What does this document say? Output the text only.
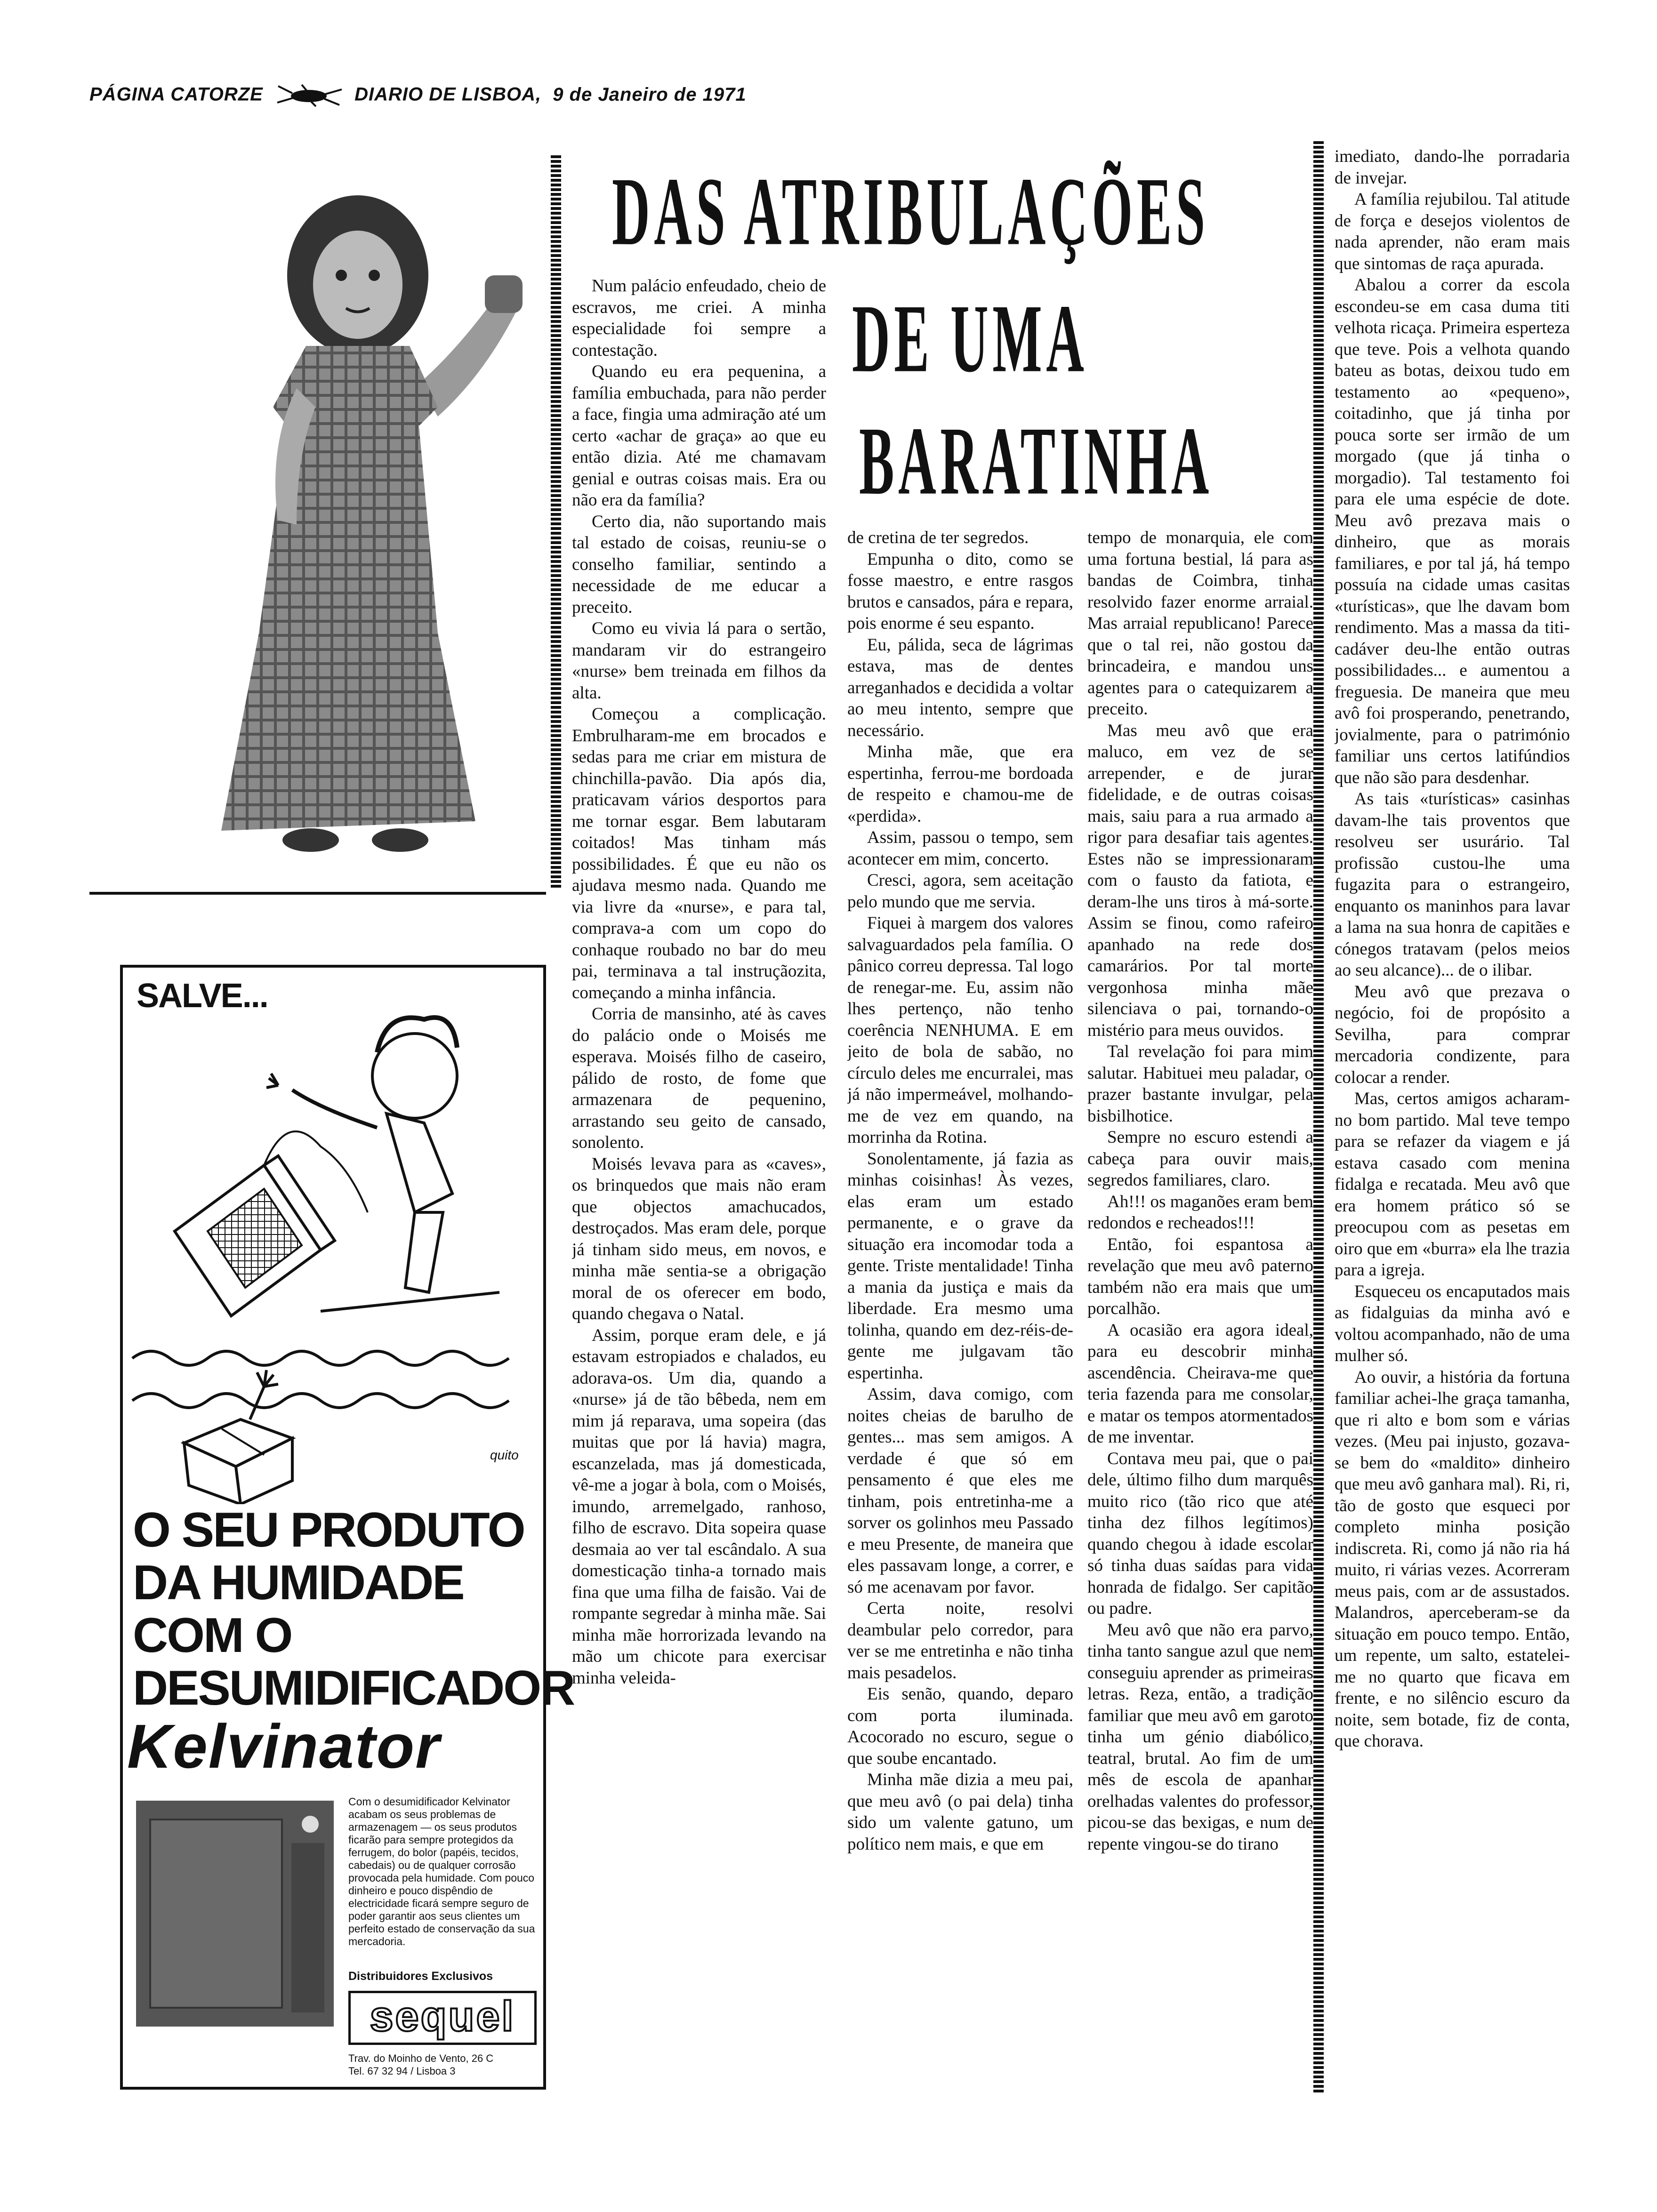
PÁGINA CATORZE	DIARIO DE LISBOA, 9 de Janeiro de 1971
DAS ATRIBULAÇÕES
DE UMA
BARATINHA

Num palácio enfeudado, cheio de escravos, me criei. A minha especialidade foi sempre a contestação.

Quando eu era pequenina, a família embuchada, para não perder a face, fingia uma admiração até um certo «achar de graça» ao que eu então dizia. Até me chamavam genial e outras coisas mais. Era ou não era da família?

Certo dia, não suportando mais tal estado de coisas, reuniu-se o conselho familiar, sentindo a necessidade de me educar a preceito.

Como eu vivia lá para o sertão, mandaram vir do estrangeiro «nurse» bem treinada em filhos da alta.

Começou a complicação. Embrulharam-me em brocados e sedas para me criar em mistura de chinchilla-pavão. Dia após dia, praticavam vários desportos para me tornar esgar. Bem labutaram coitados! Mas tinham más possibilidades. É que eu não os ajudava mesmo nada. Quando me via livre da «nurse», e para tal, comprava-a com um copo do conhaque roubado no bar do meu pai, terminava a tal instruçãozita, começando a minha infância.

Corria de mansinho, até às caves do palácio onde o Moisés me esperava. Moisés filho de caseiro, pálido de rosto, de fome que armazenara de pequenino, arrastando seu geito de cansado, sonolento.

Moisés levava para as «caves», os brinquedos que mais não eram que objectos amachucados, destroçados. Mas eram dele, porque já tinham sido meus, em novos, e minha mãe sentia-se a obrigação moral de os oferecer em bodo, quando chegava o Natal.

Assim, porque eram dele, e já estavam estropiados e chalados, eu adorava-os. Um dia, quando a «nurse» já de tão bêbeda, nem em mim já reparava, uma sopeira (das muitas que por lá havia) magra, escanzelada, mas já domesticada, vê-me a jogar à bola, com o Moisés, imundo, arremelgado, ranhoso, filho de escravo. Dita sopeira quase desmaia ao ver tal escândalo. A sua domesticação tinha-a tornado mais fina que uma filha de faisão. Vai de rompante segredar à minha mãe. Sai minha mãe horrorizada levando na mão um chicote para exercisar minha veleida-

de cretina de ter segredos.

Empunha o dito, como se fosse maestro, e entre rasgos brutos e cansados, pára e repara, pois enorme é seu espanto.

Eu, pálida, seca de lágrimas estava, mas de dentes arreganhados e decidida a voltar ao meu intento, sempre que necessário.

Minha mãe, que era espertinha, ferrou-me bordoada de respeito e chamou-me de «perdida».

Assim, passou o tempo, sem acontecer em mim, concerto.

Cresci, agora, sem aceitação pelo mundo que me servia.

Fiquei à margem dos valores salvaguardados pela família. O pânico correu depressa. Tal logo de renegar-me. Eu, assim não lhes pertenço, não tenho coerência NENHUMA. E em jeito de bola de sabão, no círculo deles me encurralei, mas já não impermeável, molhando-me de vez em quando, na morrinha da Rotina.

Sonolentamente, já fazia as minhas coisinhas! Às vezes, elas eram um estado permanente, e o grave da situação era incomodar toda a gente. Triste mentalidade! Tinha a mania da justiça e mais da liberdade. Era mesmo uma tolinha, quando em dez-réis-de-gente me julgavam tão espertinha.

Assim, dava comigo, com noites cheias de barulho de gentes... mas sem amigos. A verdade é que só em pensamento é que eles me tinham, pois entretinha-me a sorver os golinhos meu Passado e meu Presente, de maneira que eles passavam longe, a correr, e só me acenavam por favor.

Certa noite, resolvi deambular pelo corredor, para ver se me entretinha e não tinha mais pesadelos.

Eis senão, quando, deparo com porta iluminada. Acocorado no escuro, segue o que soube encantado.

Minha mãe dizia a meu pai, que meu avô (o pai dela) tinha sido um valente gatuno, um político nem mais, e que em

tempo de monarquia, ele com uma fortuna bestial, lá para as bandas de Coimbra, tinha resolvido fazer enorme arraial. Mas arraial republicano! Parece que o tal rei, não gostou da brincadeira, e mandou uns agentes para o catequizarem a preceito.

Mas meu avô que era maluco, em vez de se arrepender, e de jurar fidelidade, e de outras coisas mais, saiu para a rua armado a rigor para desafiar tais agentes. Estes não se impressionaram com o fausto da fatiota, e deram-lhe uns tiros à má-sorte. Assim se finou, como rafeiro apanhado na rede dos camarários. Por tal morte vergonhosa minha mãe silenciava o pai, tornando-o mistério para meus ouvidos.

Tal revelação foi para mim salutar. Habituei meu paladar, o prazer bastante invulgar, pela bisbilhotice.

Sempre no escuro estendi a cabeça para ouvir mais, segredos familiares, claro.

Ah!!! os maganões eram bem redondos e recheados!!!

Então, foi espantosa a revelação que meu avô paterno também não era mais que um porcalhão.

A ocasião era agora ideal, para eu descobrir minha ascendência. Cheirava-me que teria fazenda para me consolar, e matar os tempos atormentados de me inventar.

Contava meu pai, que o pai dele, último filho dum marquês muito rico (tão rico que até tinha dez filhos legítimos) quando chegou à idade escolar só tinha duas saídas para vida honrada de fidalgo. Ser capitão ou padre.

Meu avô que não era parvo, tinha tanto sangue azul que nem conseguiu aprender as primeiras letras. Reza, então, a tradição familiar que meu avô em garoto tinha um génio diabólico, teatral, brutal. Ao fim de um mês de escola de apanhar orelhadas valentes do professor, picou-se das bexigas, e num de repente vingou-se do tirano

imediato, dando-lhe porradaria de invejar.

A família rejubilou. Tal atitude de força e desejos violentos de nada aprender, não eram mais que sintomas de raça apurada.

Abalou a correr da escola escondeu-se em casa duma titi velhota ricaça. Primeira esperteza que teve. Pois a velhota quando bateu as botas, deixou tudo em testamento ao «pequeno», coitadinho, que já tinha por pouca sorte ser irmão de um morgado (que já tinha o morgadio). Tal testamento foi para ele uma espécie de dote. Meu avô prezava mais o dinheiro, que as morais familiares, e por tal já, há tempo possuía na cidade umas casitas «turísticas», que lhe davam bom rendimento. Mas a massa da titi-cadáver deu-lhe então outras possibilidades... e aumentou a freguesia. De maneira que meu avô foi prosperando, penetrando, jovialmente, para o património familiar uns certos latifúndios que não são para desdenhar.

As tais «turísticas» casinhas davam-lhe tais proventos que resolveu ser usurário. Tal profissão custou-lhe uma fugazita para o estrangeiro, enquanto os maninhos para lavar a lama na sua honra de capitães e cónegos tratavam (pelos meios ao seu alcance)... de o ilibar.

Meu avô que prezava o negócio, foi de propósito a Sevilha, para comprar mercadoria condizente, para colocar a render.

Mas, certos amigos acharam-no bom partido. Mal teve tempo para se refazer da viagem e já estava casado com menina fidalga e recatada. Meu avô que era homem prático só se preocupou com as pesetas em oiro que em «burra» ela lhe trazia para a igreja.

Esqueceu os encaputados mais as fidalguias da minha avó e voltou acompanhado, não de uma mulher só.

Ao ouvir, a história da fortuna familiar achei-lhe graça tamanha, que ri alto e bom som e várias vezes. (Meu pai injusto, gozava-se bem do «maldito» dinheiro que meu avô ganhara mal). Ri, ri, tão de gosto que esqueci por completo minha posição indiscreta. Ri, como já não ria há muito, ri várias vezes. Acorreram meus pais, com ar de assustados. Malandros, aperceberam-se da situação em pouco tempo. Então, um repente, um salto, estatelei-me no quarto que ficava em frente, e no silêncio escuro da noite, sem botade, fiz de conta, que chorava.

quito
SALVE...
O SEU PRODUTO
DA HUMIDADE
COM O
DESUMIDIFICADOR
Kelvinator
Com o desumidificador Kelvinator acabam os seus problemas de armazenagem — os seus produtos ficarão para sempre protegidos da ferrugem, do bolor (papéis, tecidos, cabedais) ou de qualquer corrosão provocada pela humidade. Com pouco dinheiro e pouco dispêndio de electricidade ficará sempre seguro de poder garantir aos seus clientes um perfeito estado de conservação da sua mercadoria.
Distribuidores Exclusivos
sequel
Trav. do Moinho de Vento, 26 C
Tel. 67 32 94 / Lisboa 3
